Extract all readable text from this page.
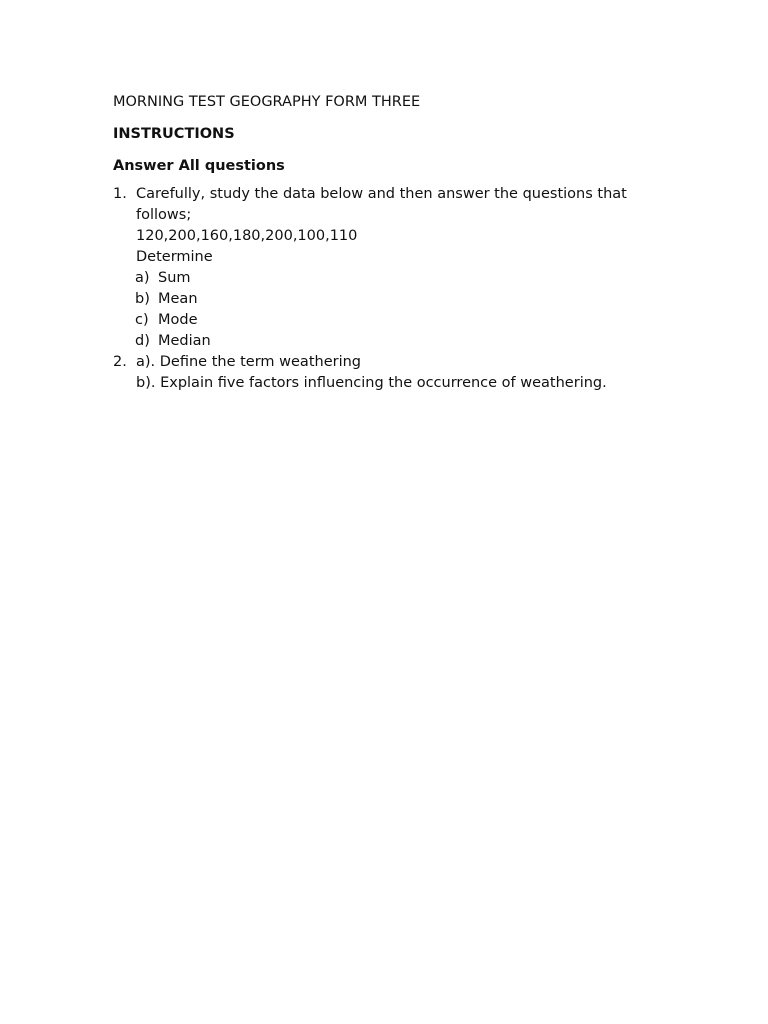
MORNING TEST GEOGRAPHY FORM THREE
INSTRUCTIONS
Answer All questions
1. Carefully, study the data below and then answer the questions that
follows;
120,200,160,180,200,100,110
Determine
a) Sum
b) Mean
c) Mode
d) Median
2. a). Define the term weathering
b). Explain five factors influencing the occurrence of weathering.
